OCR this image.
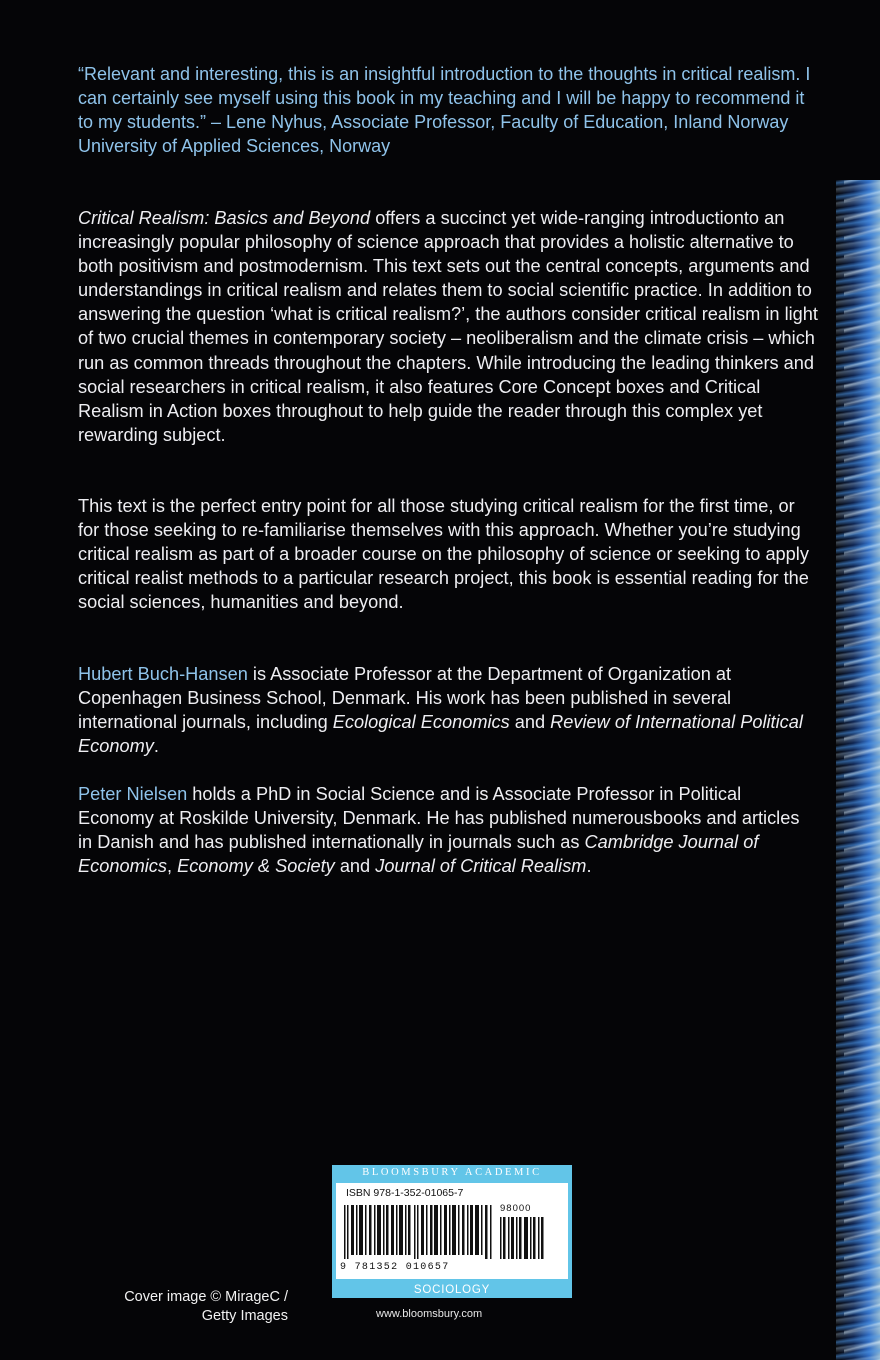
“Relevant and interesting, this is an insightful introduction to the thoughts in critical realism. I can certainly see myself using this book in my teaching and I will be happy to recommend it to my students.” – Lene Nyhus, Associate Professor, Faculty of Education, Inland Norway University of Applied Sciences, Norway
Critical Realism: Basics and Beyond offers a succinct yet wide-ranging introductionto an increasingly popular philosophy of science approach that provides a holistic alternative to both positivism and postmodernism. This text sets out the central concepts, arguments and understandings in critical realism and relates them to social scientific practice. In addition to answering the question ‘what is critical realism?’, the authors consider critical realism in light of two crucial themes in contemporary society – neoliberalism and the climate crisis – which run as common threads throughout the chapters. While introducing the leading thinkers and social researchers in critical realism, it also features Core Concept boxes and Critical Realism in Action boxes throughout to help guide the reader through this complex yet rewarding subject.
This text is the perfect entry point for all those studying critical realism for the first time, or for those seeking to re-familiarise themselves with this approach. Whether you’re studying critical realism as part of a broader course on the philosophy of science or seeking to apply critical realist methods to a particular research project, this book is essential reading for the social sciences, humanities and beyond.
Hubert Buch-Hansen is Associate Professor at the Department of Organization at Copenhagen Business School, Denmark. His work has been published in several international journals, including Ecological Economics and Review of International Political Economy.
Peter Nielsen holds a PhD in Social Science and is Associate Professor in Political Economy at Roskilde University, Denmark. He has published numerousbooks and articles in Danish and has published internationally in journals such as Cambridge Journal of Economics, Economy & Society and Journal of Critical Realism.
BLOOMSBURY ACADEMIC
ISBN 978-1-352-01065-7
98000
9 781352 010657
SOCIOLOGY
Cover image © MirageC /
Getty Images	www.bloomsbury.com
